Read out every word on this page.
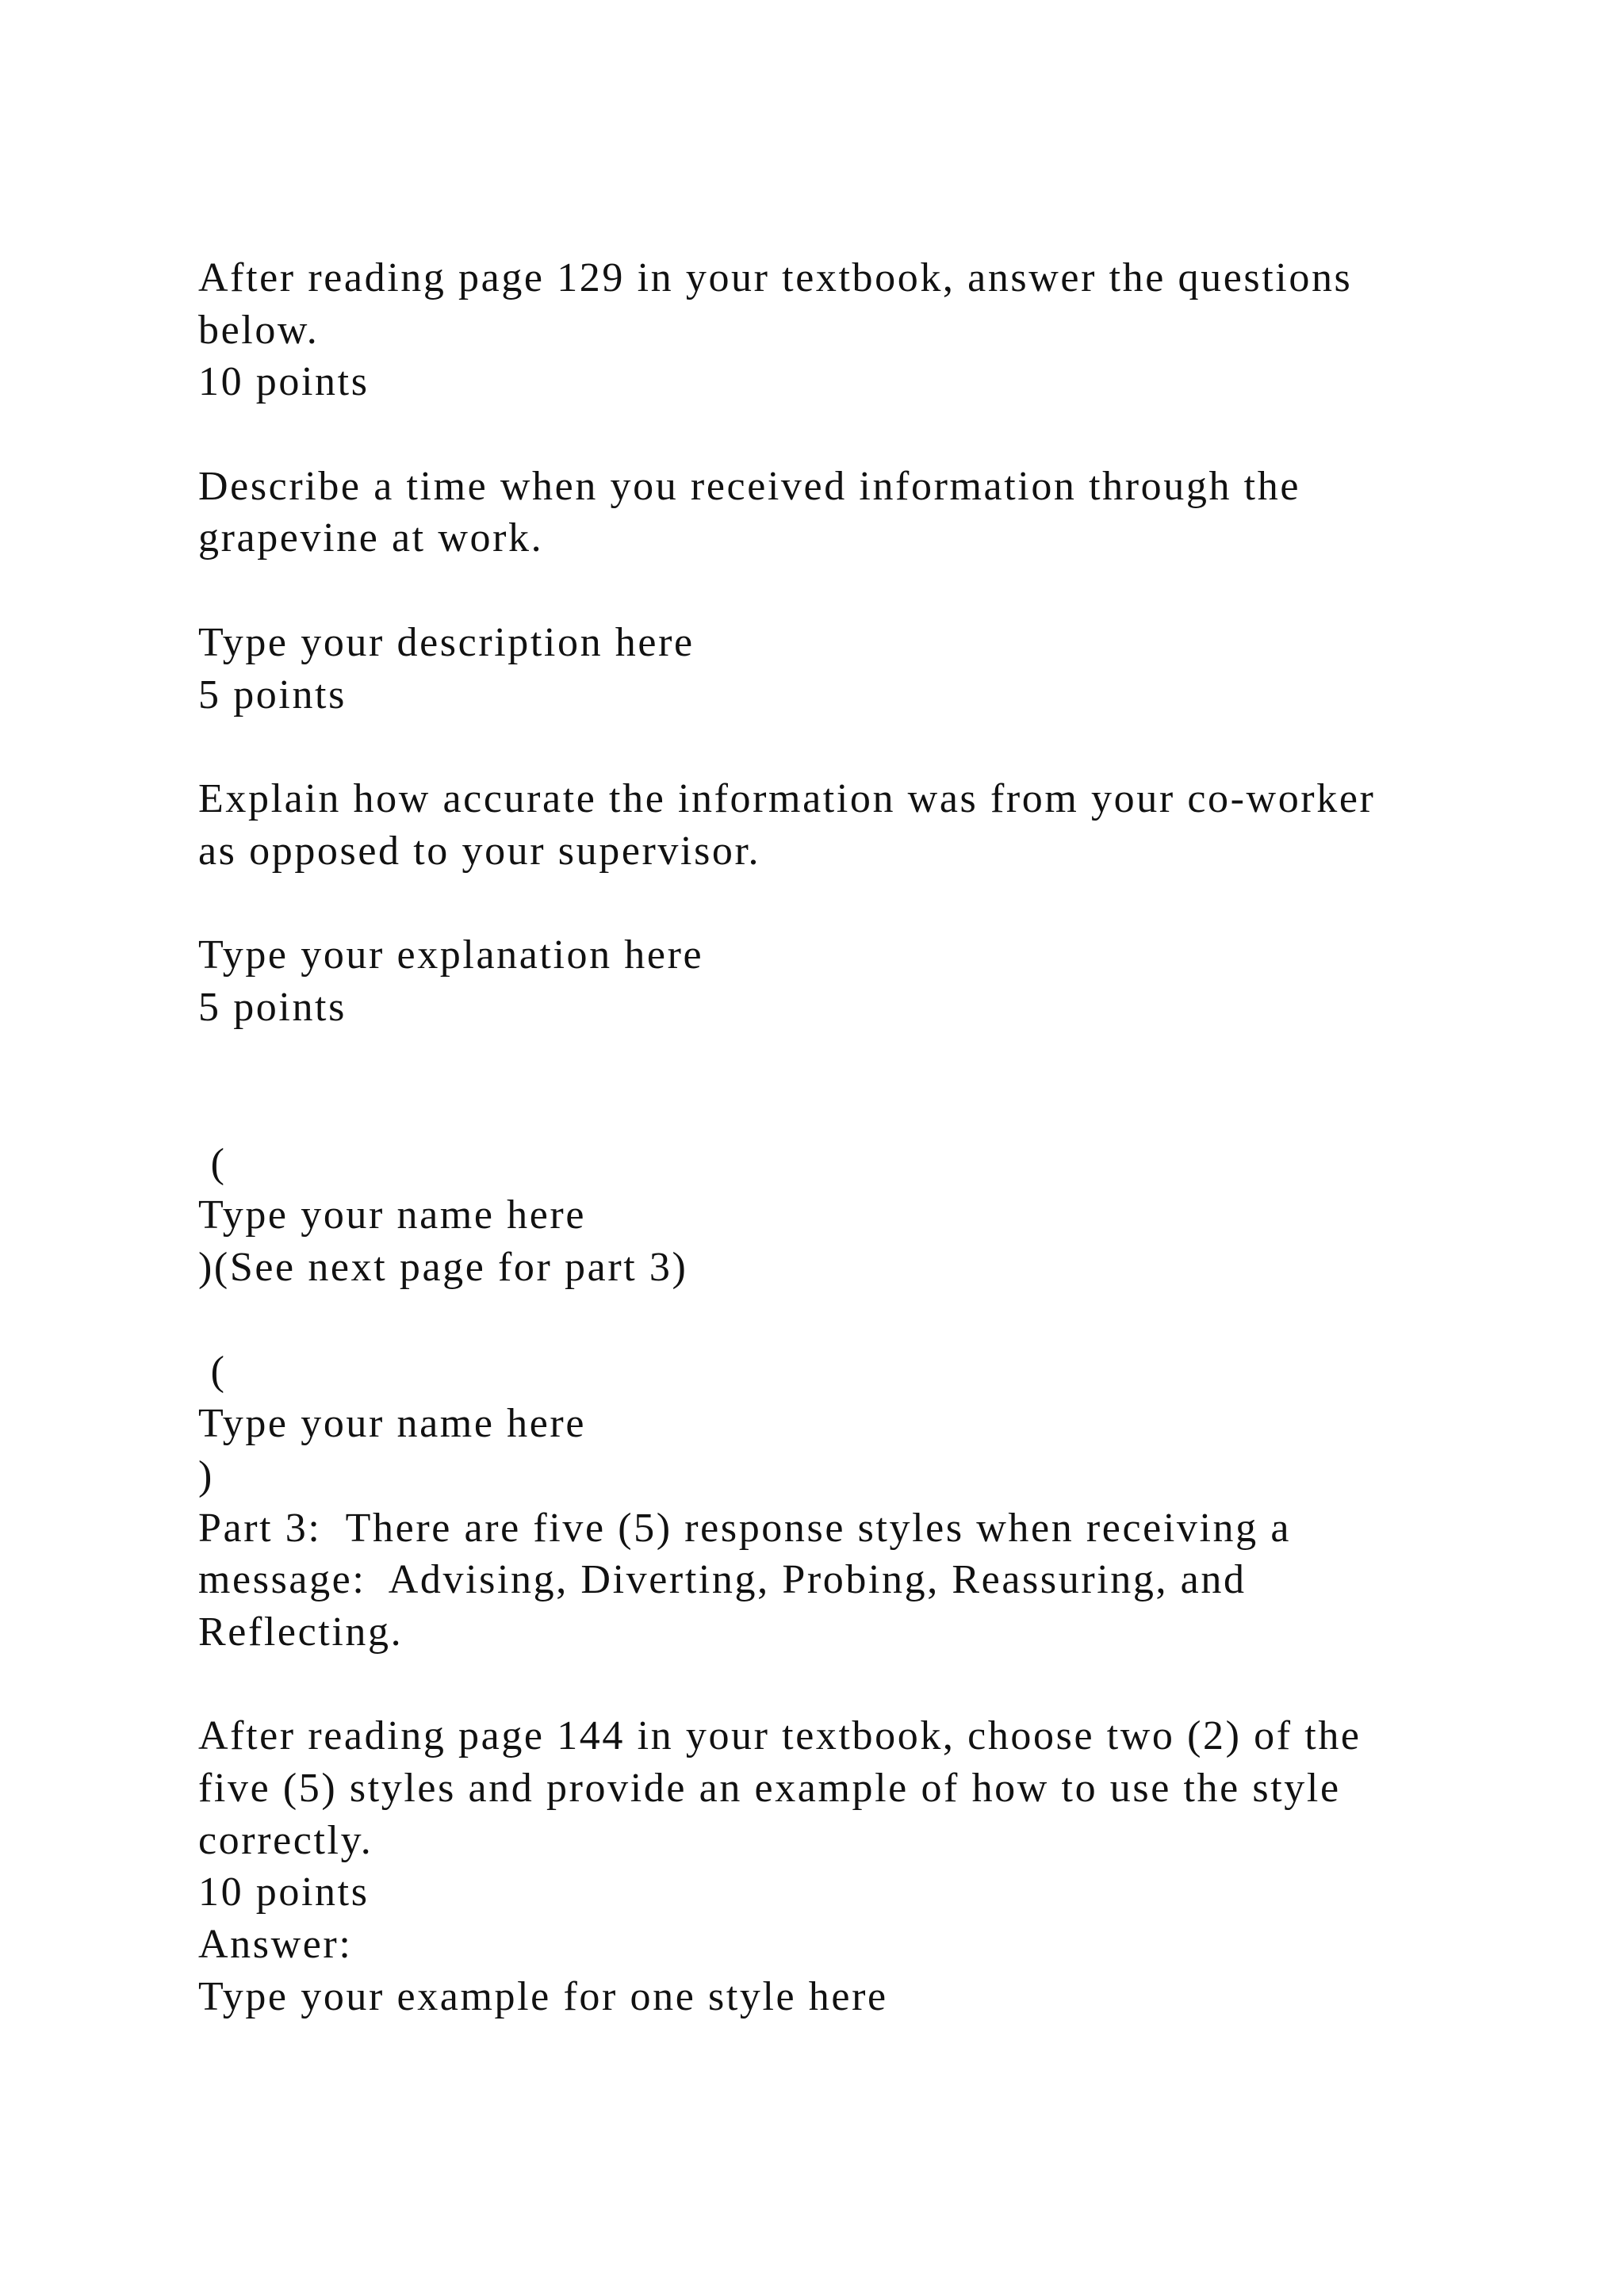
After reading page 129 in your textbook, answer the questions
below.
10 points
Describe a time when you received information through the
grapevine at work.
Type your description here
5 points
Explain how accurate the information was from your co-worker
as opposed to your supervisor.
Type your explanation here
5 points
(
Type your name here
)(See next page for part 3)
(
Type your name here
)
Part 3:  There are five (5) response styles when receiving a
message:  Advising, Diverting, Probing, Reassuring, and
Reflecting.
After reading page 144 in your textbook, choose two (2) of the
five (5) styles and provide an example of how to use the style
correctly.
10 points
Answer:
Type your example for one style here
